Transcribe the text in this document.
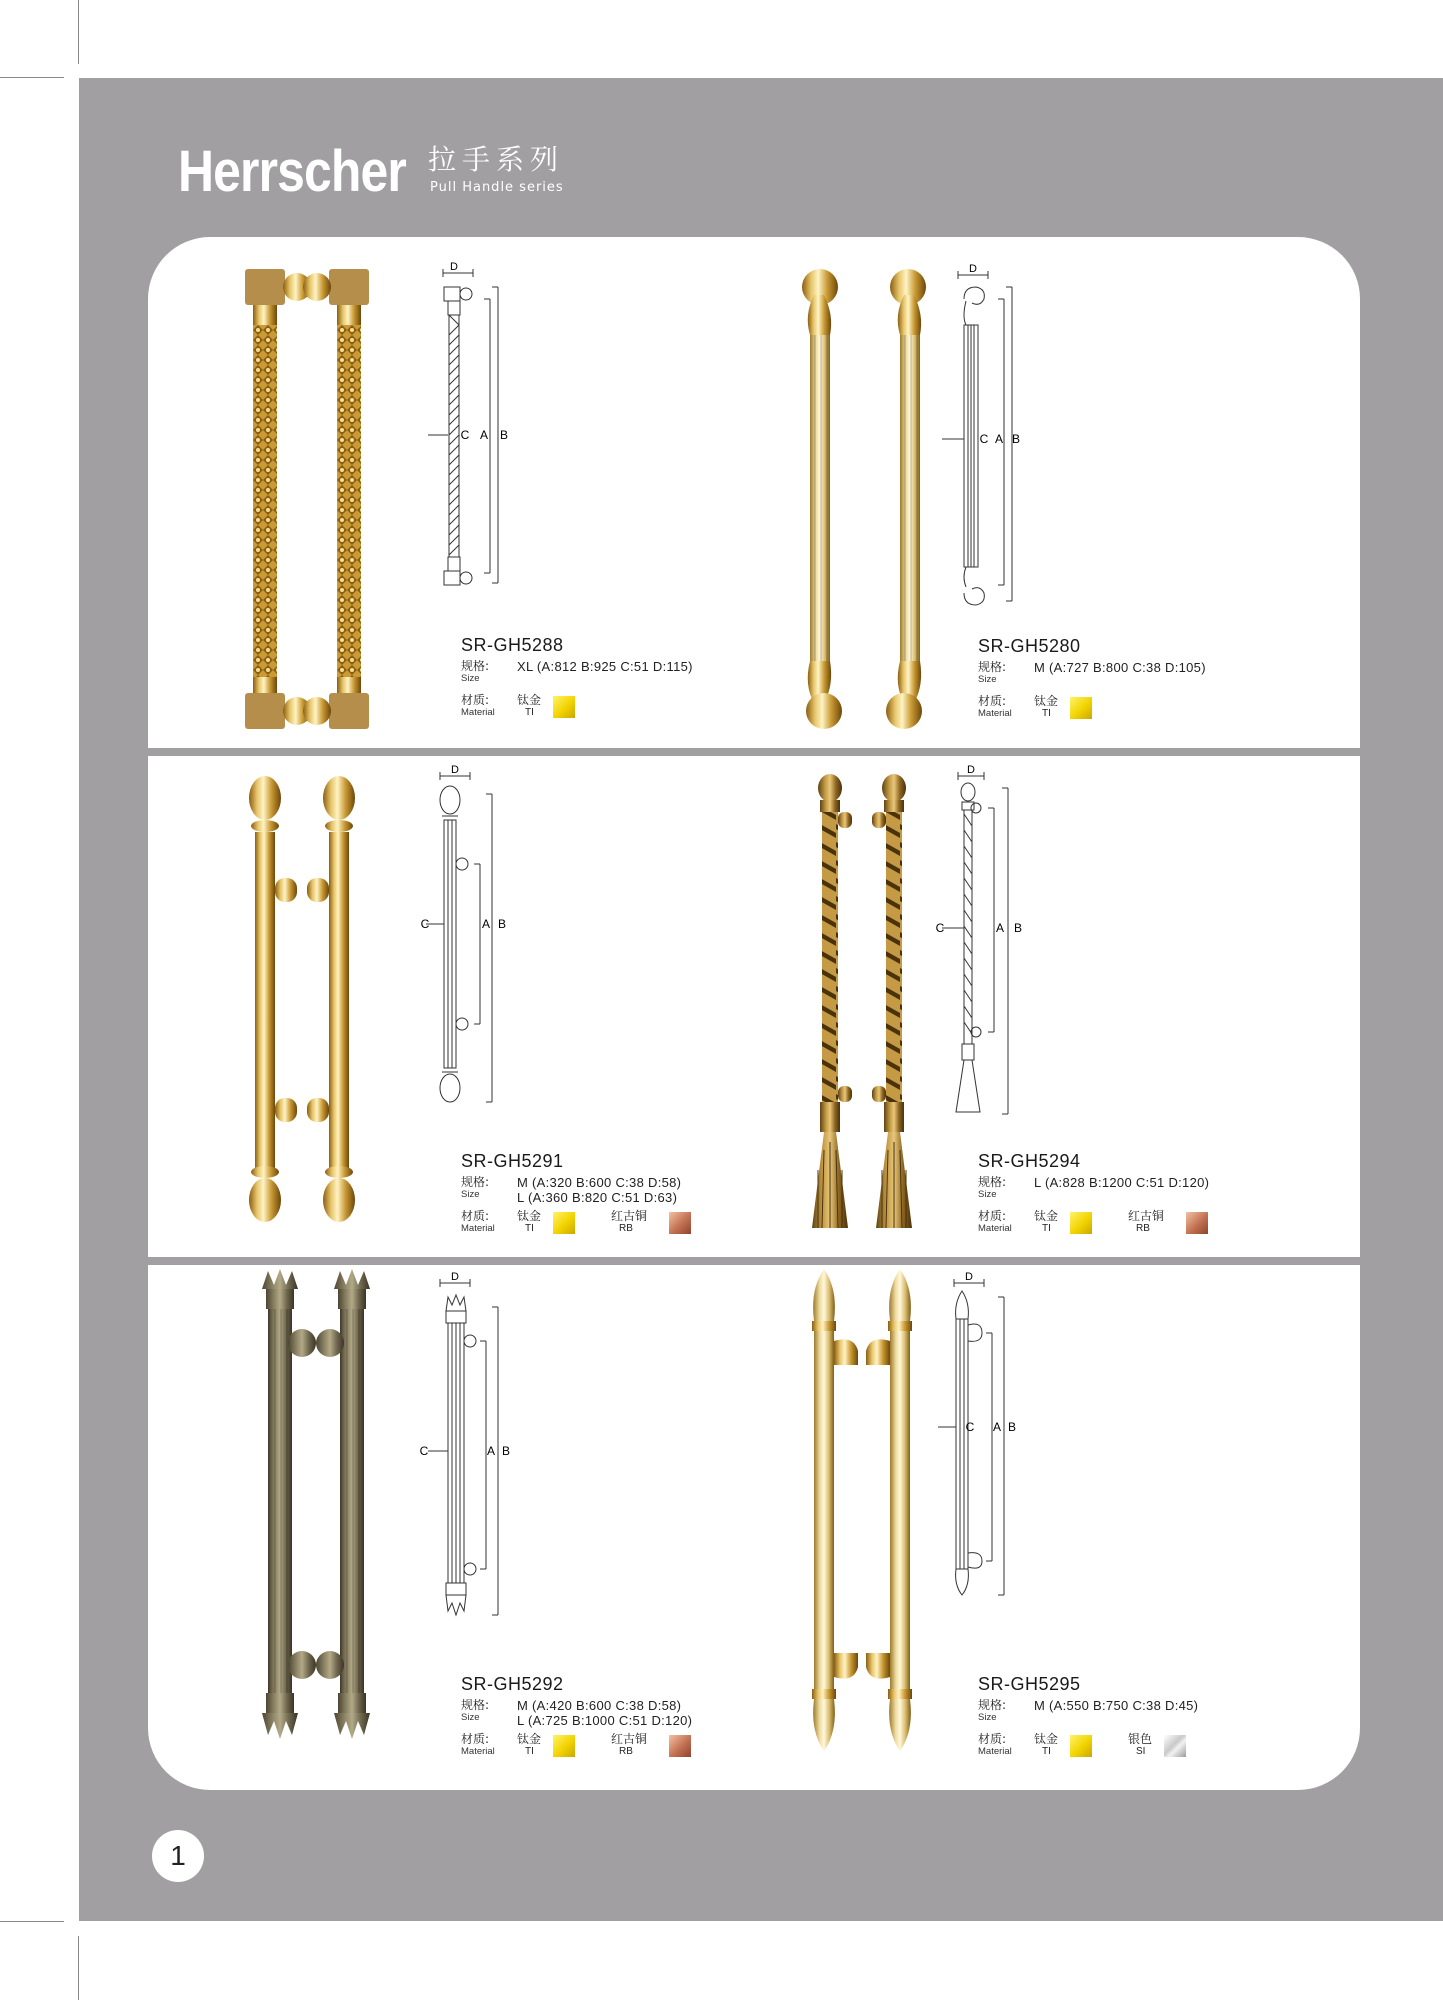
Herrscher 拉手系列
Pull Handle series
D
C A B
SR-GH5288
规格:
Size
XL (A:812 B:925 C:51 D:115)
材质:
Material
钛金
TI
D
C A B
SR-GH5280
规格:
Size
M (A:727 B:800 C:38 D:105)
材质:
Material
钛金
TI
D
C	A B
SR-GH5291
规格:
Size
M (A:320 B:600 C:38 D:58)
L (A:360 B:820 C:51 D:63)
材质:
Material
钛金
TI
红古铜
RB
D
C	A B
SR-GH5294
规格:
Size
L (A:828 B:1200 C:51 D:120)
材质:
Material
钛金
TI
红古铜
RB
D
C	A B
SR-GH5292
规格:
Size
M (A:420 B:600 C:38 D:58)
L (A:725 B:1000 C:51 D:120)
材质:
Material
钛金
TI
红古铜
RB
D
C A B
SR-GH5295
规格:
Size
M (A:550 B:750 C:38 D:45)
材质:
Material
钛金
TI
银色
SI
1
